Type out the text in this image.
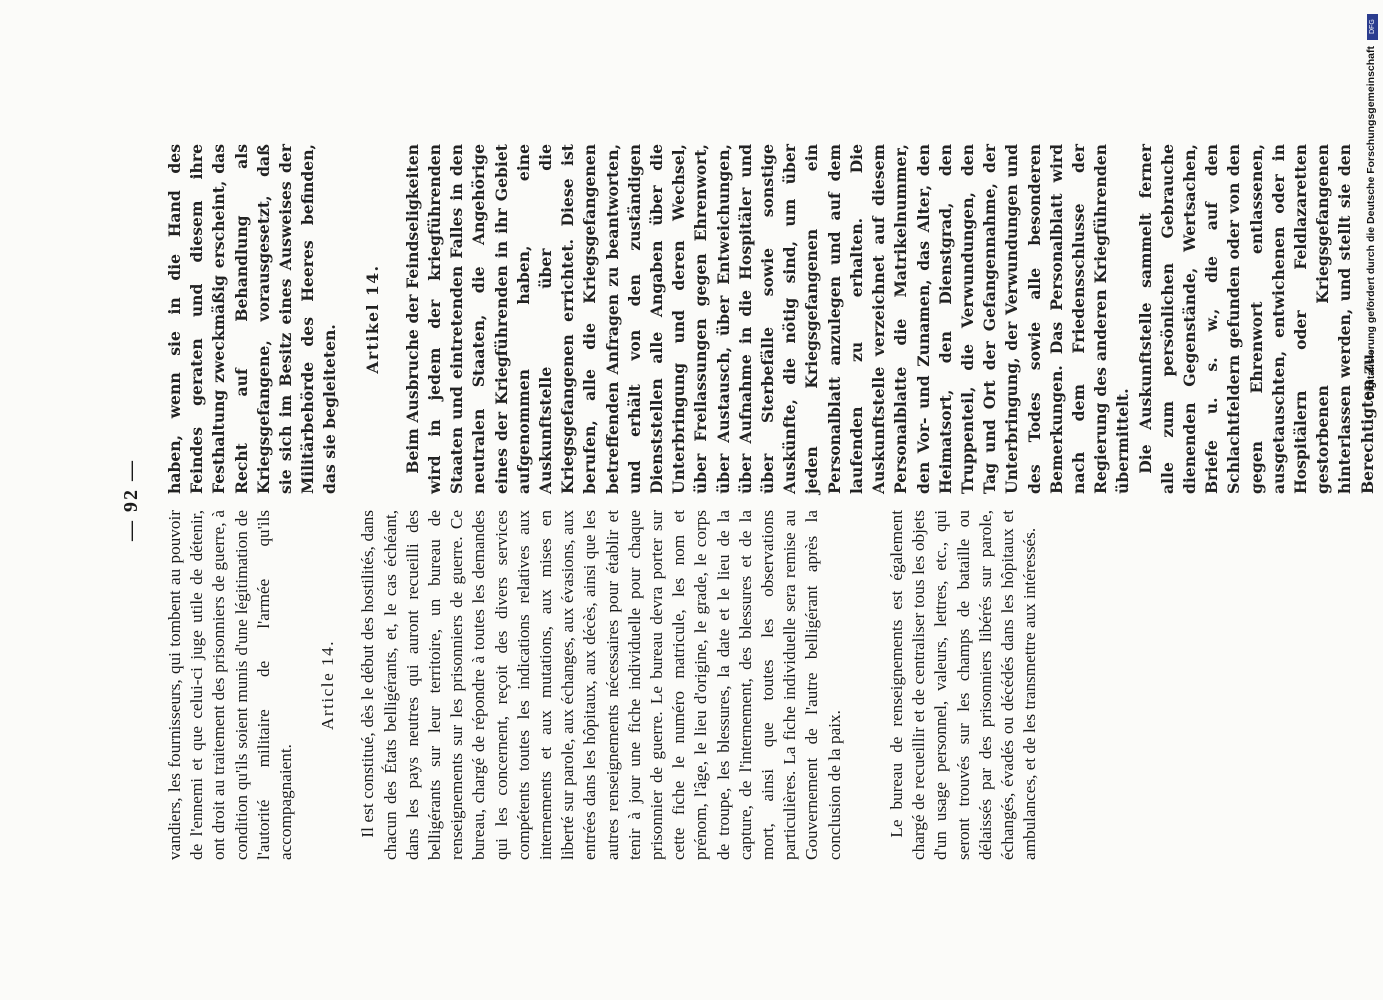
— 92 —

vandiers, les fournisseurs, qui tombent au pouvoir de l'ennemi et que celui-ci juge utile de détenir, ont droit au traitement des prisonniers de guerre, à condition qu'ils soient munis d'une légitimation de l'autorité militaire de l'armée qu'ils accompagnaient.

Article 14. Il est constitué, dès le début des hostilités, dans chacun des États belligérants, et, le cas échéant, dans les pays neutres qui auront recueilli des belligérants sur leur territoire, un bureau de renseignements sur les prisonniers de guerre. Ce bureau, chargé de répondre à toutes les demandes qui les concernent, reçoit des divers services compétents toutes les indications relatives aux internements et aux mutations, aux mises en liberté sur parole, aux échanges, aux évasions, aux entrées dans les hôpitaux, aux décès, ainsi que les autres renseignements nécessaires pour établir et tenir à jour une fiche individuelle pour chaque prisonnier de guerre. Le bureau devra porter sur cette fiche le numéro matricule, les nom et prénom, l'âge, le lieu d'origine, le grade, le corps de troupe, les blessures, la date et le lieu de la capture, de l'internement, des blessures et de la mort, ainsi que toutes les observations particulières. La fiche individuelle sera remise au Gouvernement de l'autre belligérant après la conclusion de la paix.	Le bureau de renseignements est également chargé de recueillir et de centraliser tous les objets d'un usage personnel, valeurs, lettres, etc., qui seront trouvés sur les champs de bataille ou délaissés par des prisonniers libérés sur parole, échangés, évadés ou décédés dans les hôpitaux et ambulances, et de les transmettre aux intéressés.

haben, wenn sie in die Hand des Feindes geraten und diesem ihre Festhaltung zweckmäßig erscheint, das Recht auf Behandlung als Kriegsgefangene, vorausgesetzt, daß sie sich im Besitz eines Ausweises der Militärbehörde des Heeres befinden, das sie begleiteten.

Artikel 14. Beim Ausbruche der Feindseligkeiten wird in jedem der kriegführenden Staaten und eintretenden Falles in den neutralen Staaten, die Angehörige eines der Kriegführenden in ihr Gebiet aufgenommen haben, eine Auskunftstelle über die Kriegsgefangenen errichtet. Diese ist berufen, alle die Kriegsgefangenen betreffenden Anfragen zu beantworten, und erhält von den zuständigen Dienststellen alle Angaben über die Unterbringung und deren Wechsel, über Freilassungen gegen Ehrenwort, über Austausch, über Entweichungen, über Aufnahme in die Hospitäler und über Sterbefälle sowie sonstige Auskünfte, die nötig sind, um über jeden Kriegsgefangenen ein Personalblatt anzulegen und auf dem laufenden zu erhalten. Die Auskunftstelle verzeichnet auf diesem Personalblatte die Matrikelnummer, den Vor- und Zunamen, das Alter, den Heimatsort, den Dienstgrad, den Truppenteil, die Verwundungen, den Tag und Ort der Gefangennahme, der Unterbringung, der Verwundungen und des Todes sowie alle besonderen Bemerkungen. Das Personalblatt wird nach dem Friedensschlusse der Regierung des anderen Kriegführenden übermittelt. Die Auskunftstelle sammelt ferner alle zum persönlichen Gebrauche dienenden Gegenstände, Wertsachen, Briefe u. s. w., die auf den Schlachtfeldern gefunden oder von den gegen Ehrenwort entlassenen, ausgetauschten, entwichenen oder in Hospitälern oder Feldlazaretten gestorbenen Kriegsgefangenen hinterlassen werden, und stellt sie den Berechtigten zu.

DFG
Digitalisierung gefördert durch die Deutsche Forschungsgemeinschaft
